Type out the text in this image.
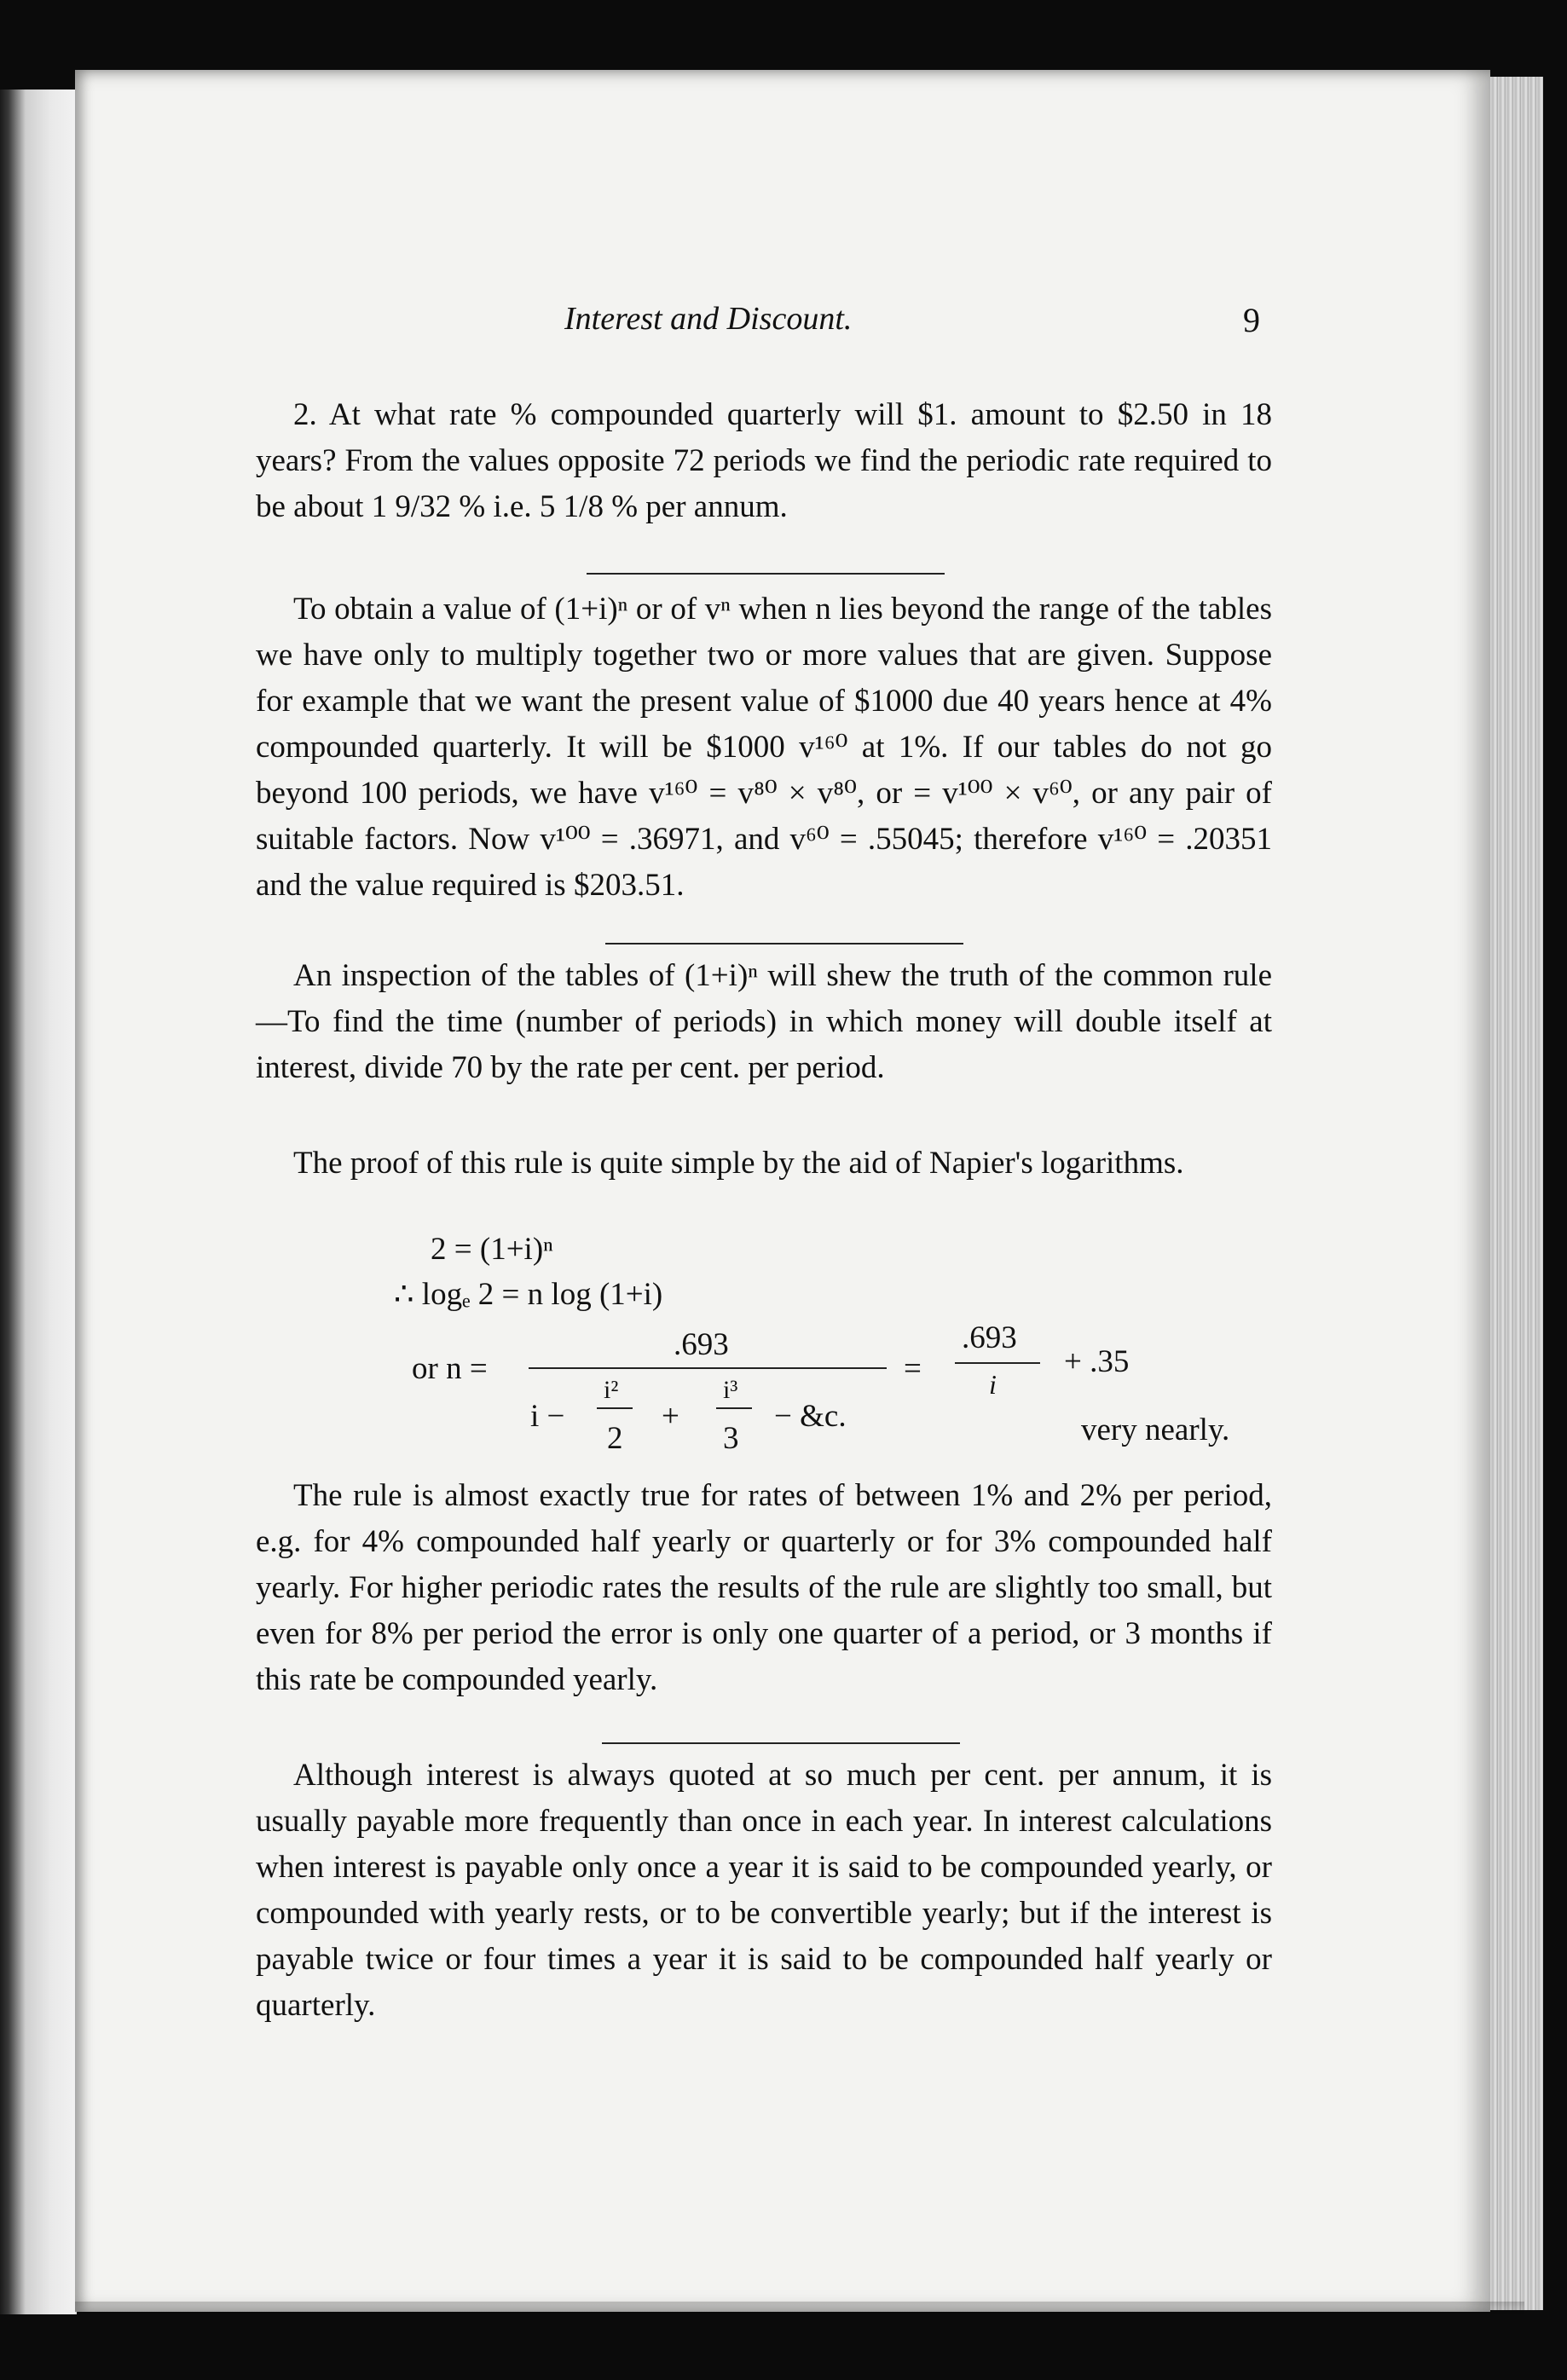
Interest and Discount.	9
2. At what rate % compounded quarterly will $1. amount to $2.50 in 18 years? From the values opposite 72 periods we find the periodic rate required to be about 1 9/32 % i.e. 5 1/8 % per annum.
To obtain a value of (1+i)ⁿ or of vⁿ when n lies beyond the range of the tables we have only to multiply together two or more values that are given. Suppose for example that we want the present value of $1000 due 40 years hence at 4% compounded quarterly. It will be $1000 v¹⁶⁰ at 1%. If our tables do not go beyond 100 periods, we have v¹⁶⁰ = v⁸⁰ × v⁸⁰, or = v¹⁰⁰ × v⁶⁰, or any pair of suitable factors. Now v¹⁰⁰ = .36971, and v⁶⁰ = .55045; therefore v¹⁶⁰ = .20351 and the value required is $203.51.
An inspection of the tables of (1+i)ⁿ will shew the truth of the common rule—To find the time (number of periods) in which money will double itself at interest, divide 70 by the rate per cent. per period.
The proof of this rule is quite simple by the aid of Napier's logarithms.
2 = (1+i)ⁿ
∴ logₑ 2 = n log (1+i)
or n =
.693
i −
i²
2
+
i³
3
− &c.
=
.693
i
+ .35
very nearly.
The rule is almost exactly true for rates of between 1% and 2% per period, e.g. for 4% compounded half yearly or quarterly or for 3% compounded half yearly. For higher periodic rates the results of the rule are slightly too small, but even for 8% per period the error is only one quarter of a period, or 3 months if this rate be compounded yearly.
Although interest is always quoted at so much per cent. per annum, it is usually payable more frequently than once in each year. In interest calculations when interest is payable only once a year it is said to be compounded yearly, or compounded with yearly rests, or to be convertible yearly; but if the interest is payable twice or four times a year it is said to be compounded half yearly or quarterly.
